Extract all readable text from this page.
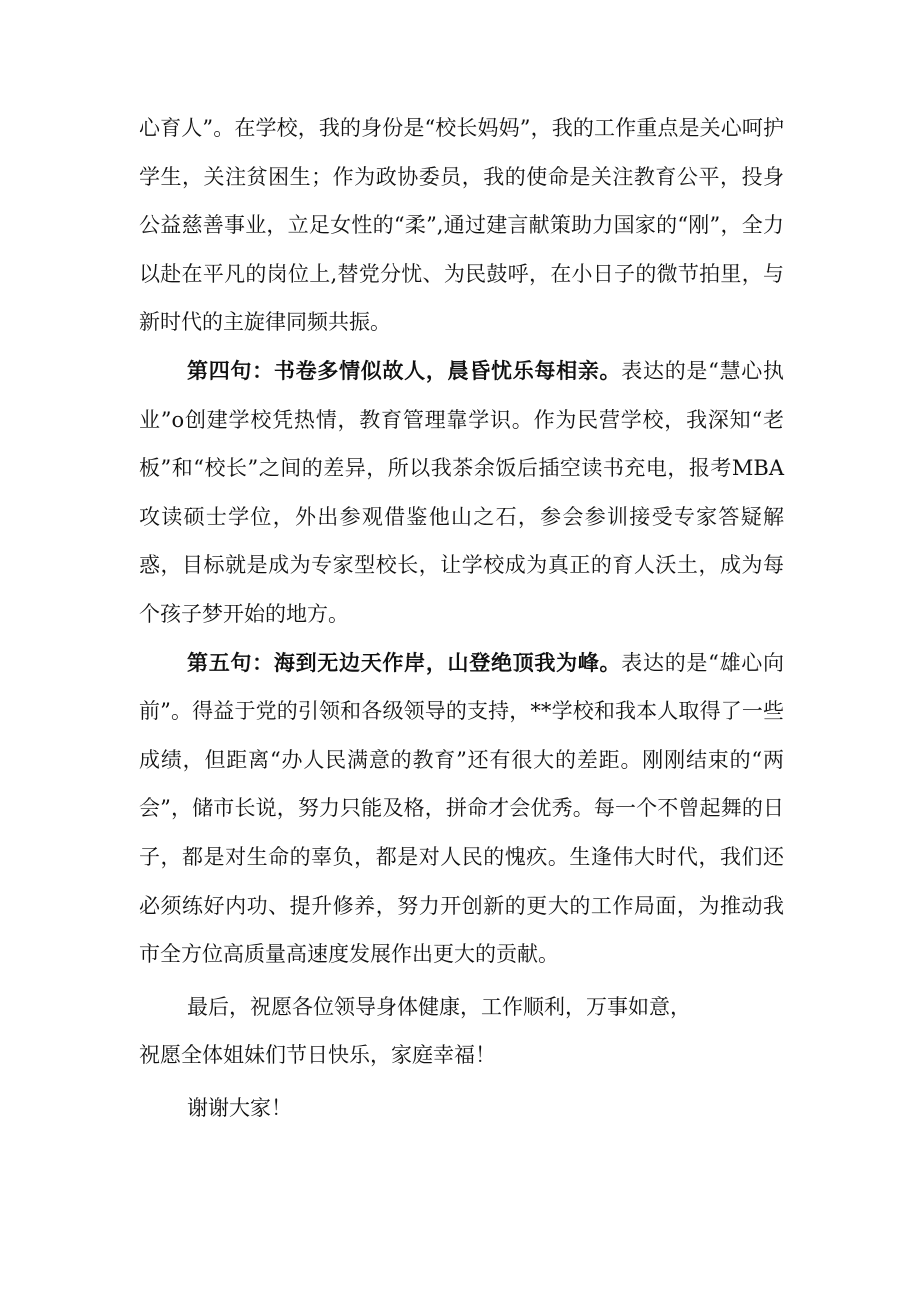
心育人”。在学校，我的身份是“校长妈妈”，我的工作重点是关心呵护学生，关注贫困生；作为政协委员，我的使命是关注教育公平，投身公益慈善事业，立足女性的“柔”,通过建言献策助力国家的“刚”，全力以赴在平凡的岗位上,替党分忧、为民鼓呼，在小日子的微节拍里，与新时代的主旋律同频共振。

第四句：书卷多情似故人，晨昏忧乐每相亲。表达的是“慧心执业”o创建学校凭热情，教育管理靠学识。作为民营学校，我深知“老板”和“校长”之间的差异，所以我茶余饭后插空读书充电，报考MBA攻读硕士学位，外出参观借鉴他山之石，参会参训接受专家答疑解惑，目标就是成为专家型校长，让学校成为真正的育人沃土，成为每个孩子梦开始的地方。

第五句：海到无边天作岸，山登绝顶我为峰。表达的是“雄心向前”。得益于党的引领和各级领导的支持，**学校和我本人取得了一些成绩，但距离“办人民满意的教育”还有很大的差距。刚刚结束的“两会”，储市长说，努力只能及格，拼命才会优秀。每一个不曾起舞的日子，都是对生命的辜负，都是对人民的愧疚。生逢伟大时代，我们还必须练好内功、提升修养，努力开创新的更大的工作局面，为推动我市全方位高质量高速度发展作出更大的贡献。

最后，祝愿各位领导身体健康，工作顺利，万事如意，
祝愿全体姐妹们节日快乐，家庭幸福！

谢谢大家！
